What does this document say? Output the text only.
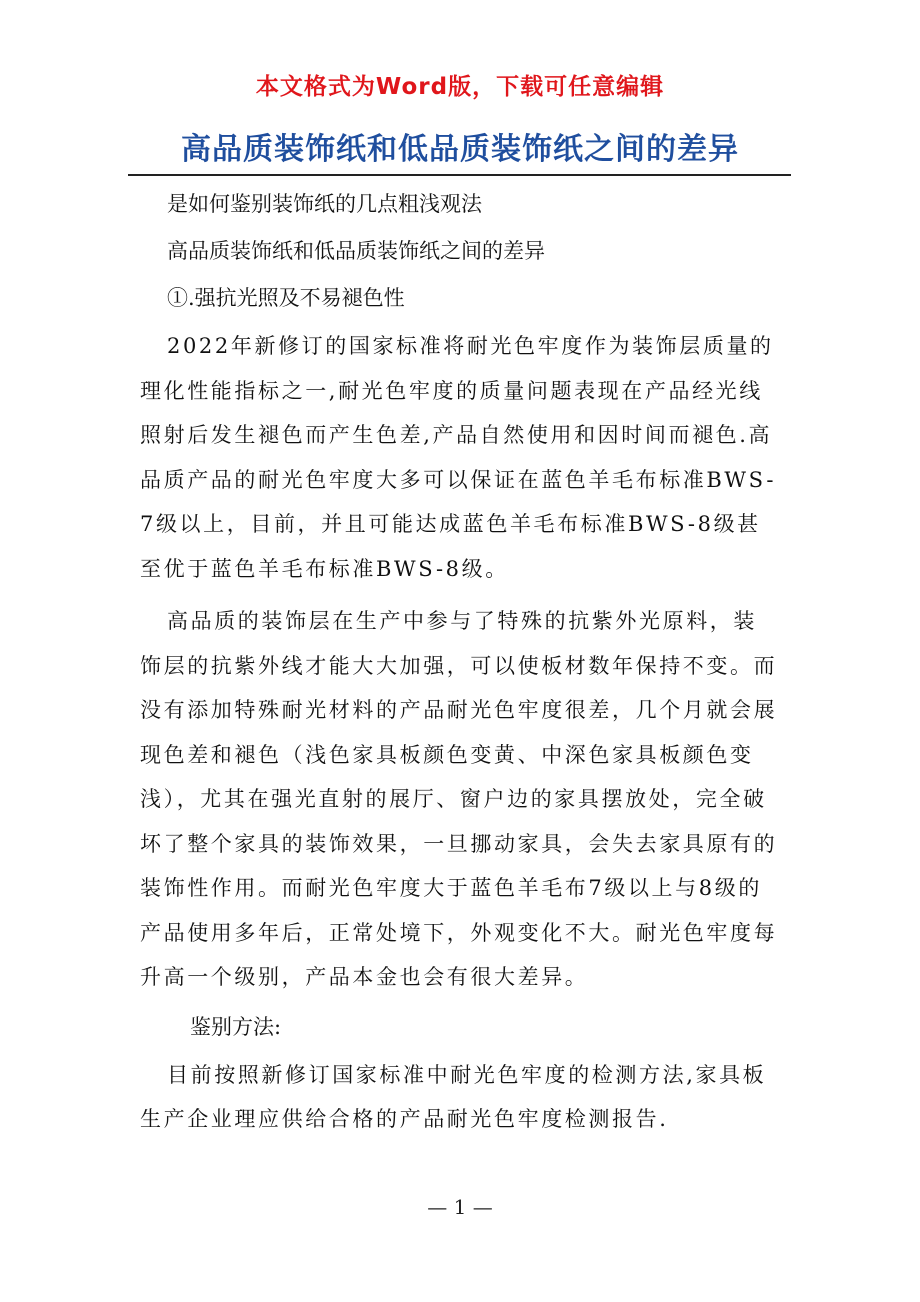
本文格式为Word版，下载可任意编辑
高品质装饰纸和低品质装饰纸之间的差异

是如何鉴别装饰纸的几点粗浅观法

高品质装饰纸和低品质装饰纸之间的差异

①.强抗光照及不易褪色性

2022年新修订的国家标准将耐光色牢度作为装饰层质量的理化性能指标之一,耐光色牢度的质量问题表现在产品经光线照射后发生褪色而产生色差,产品自然使用和因时间而褪色.高品质产品的耐光色牢度大多可以保证在蓝色羊毛布标准BWS-7级以上，目前，并且可能达成蓝色羊毛布标准BWS-8级甚至优于蓝色羊毛布标准BWS-8级。

高品质的装饰层在生产中参与了特殊的抗紫外光原料，装饰层的抗紫外线才能大大加强，可以使板材数年保持不变。而没有添加特殊耐光材料的产品耐光色牢度很差，几个月就会展现色差和褪色（浅色家具板颜色变黄、中深色家具板颜色变浅），尤其在强光直射的展厅、窗户边的家具摆放处，完全破坏了整个家具的装饰效果，一旦挪动家具，会失去家具原有的装饰性作用。而耐光色牢度大于蓝色羊毛布7级以上与8级的产品使用多年后，正常处境下，外观变化不大。耐光色牢度每升高一个级别，产品本金也会有很大差异。

鉴别方法:

目前按照新修订国家标准中耐光色牢度的检测方法,家具板生产企业理应供给合格的产品耐光色牢度检测报告.

— 1 —
